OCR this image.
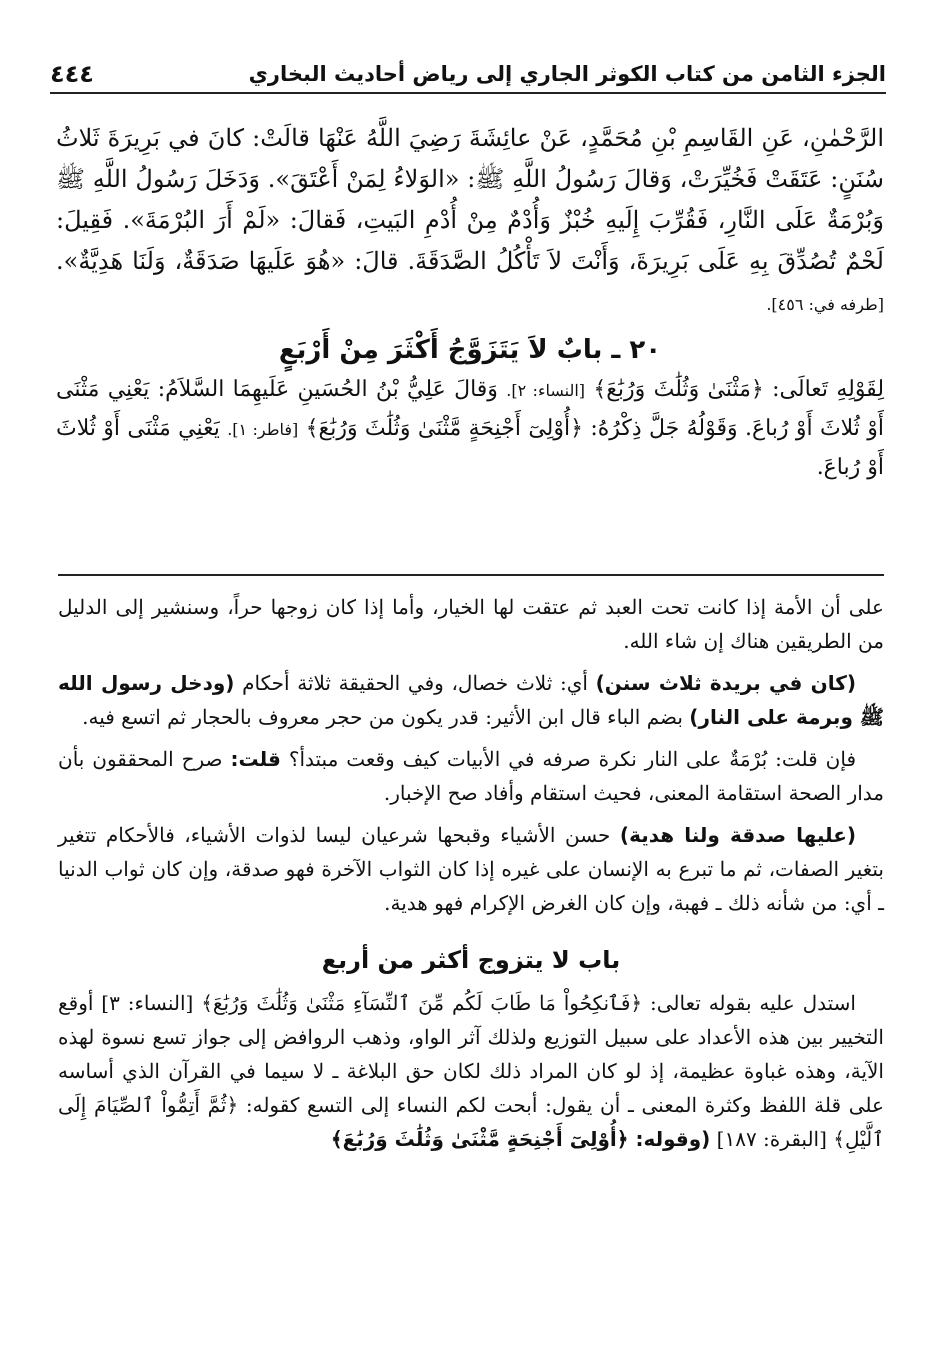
الجزء الثامن من كتاب الكوثر الجاري إلى رياض أحاديث البخاري
٤٤٤

الرَّحْمٰنِ، عَنِ القَاسِمِ بْنِ مُحَمَّدٍ، عَنْ عائِشَةَ رَضِيَ اللَّهُ عَنْهَا قالَتْ: كانَ في بَرِيرَةَ ثَلاثُ سُنَنٍ: عَتَقَتْ فَخُيِّرَتْ، وَقالَ رَسُولُ اللَّهِ ﷺ: «الوَلاءُ لِمَنْ أَعْتَقَ». وَدَخَلَ رَسُولُ اللَّهِ ﷺ وَبُرْمَةٌ عَلَى النَّارِ، فَقُرِّبَ إِلَيهِ خُبْزٌ وَأُدْمٌ مِنْ أُدْمِ البَيتِ، فَقالَ: «لَمْ أَرَ البُرْمَةَ». فَقِيلَ: لَحْمٌ تُصُدِّقَ بِهِ عَلَى بَرِيرَةَ، وَأَنْتَ لاَ تَأْكُلُ الصَّدَقَةَ. قالَ: «هُوَ عَلَيهَا صَدَقَةٌ، وَلَنَا هَدِيَّةٌ». [طرفه في: ٤٥٦].

٢٠ ـ بابٌ لاَ يَتَزَوَّجُ أَكْثَرَ مِنْ أَرْبَعٍ

لِقَوْلِهِ تَعالَى: ﴿مَثْنَىٰ وَثُلَٰثَ وَرُبَٰعَ﴾ [النساء: ٢]. وَقالَ عَلِيُّ بْنُ الحُسَينِ عَلَيهِمَا السَّلاَمُ: يَعْنِي مَثْنَى أَوْ ثُلاثَ أَوْ رُباعَ. وَقَوْلُهُ جَلَّ ذِكْرُهُ: ﴿أُوْلِىٓ أَجْنِحَةٍ مَّثْنَىٰ وَثُلَٰثَ وَرُبَٰعَ﴾ [فاطر: ١]. يَعْنِي مَثْنَى أَوْ ثُلاثَ أَوْ رُباعَ.

على أن الأمة إذا كانت تحت العبد ثم عتقت لها الخيار، وأما إذا كان زوجها حراً، وسنشير إلى الدليل من الطريقين هناك إن شاء الله.

(كان في بريدة ثلاث سنن) أي: ثلاث خصال، وفي الحقيقة ثلاثة أحكام (ودخل رسول الله ﷺ وبرمة على النار) بضم الباء قال ابن الأثير: قدر يكون من حجر معروف بالحجار ثم اتسع فيه.

فإن قلت: بُرْمَةٌ على النار نكرة صرفه في الأبيات كيف وقعت مبتدأ؟ قلت: صرح المحققون بأن مدار الصحة استقامة المعنى، فحيث استقام وأفاد صح الإخبار.

(عليها صدقة ولنا هدية) حسن الأشياء وقبحها شرعيان ليسا لذوات الأشياء، فالأحكام تتغير بتغير الصفات، ثم ما تبرع به الإنسان على غيره إذا كان الثواب الآخرة فهو صدقة، وإن كان ثواب الدنيا ـ أي: من شأنه ذلك ـ فهبة، وإن كان الغرض الإكرام فهو هدية.

باب لا يتزوج أكثر من أربع

استدل عليه بقوله تعالى: ﴿فَٱنكِحُواْ مَا طَابَ لَكُم مِّنَ ٱلنِّسَآءِ مَثْنَىٰ وَثُلَٰثَ وَرُبَٰعَ﴾ [النساء: ٣] أوقع التخيير بين هذه الأعداد على سبيل التوزيع ولذلك آثر الواو، وذهب الروافض إلى جواز تسع نسوة لهذه الآية، وهذه غباوة عظيمة، إذ لو كان المراد ذلك لكان حق البلاغة ـ لا سيما في القرآن الذي أساسه على قلة اللفظ وكثرة المعنى ـ أن يقول: أبحت لكم النساء إلى التسع كقوله: ﴿ثُمَّ أَتِمُّواْ ٱلصِّيَامَ إِلَى ٱلَّيْلِ﴾ [البقرة: ١٨٧] (وقوله: ﴿أُوْلِىٓ أَجْنِحَةٍ مَّثْنَىٰ وَثُلَٰثَ وَرُبَٰعَ﴾
